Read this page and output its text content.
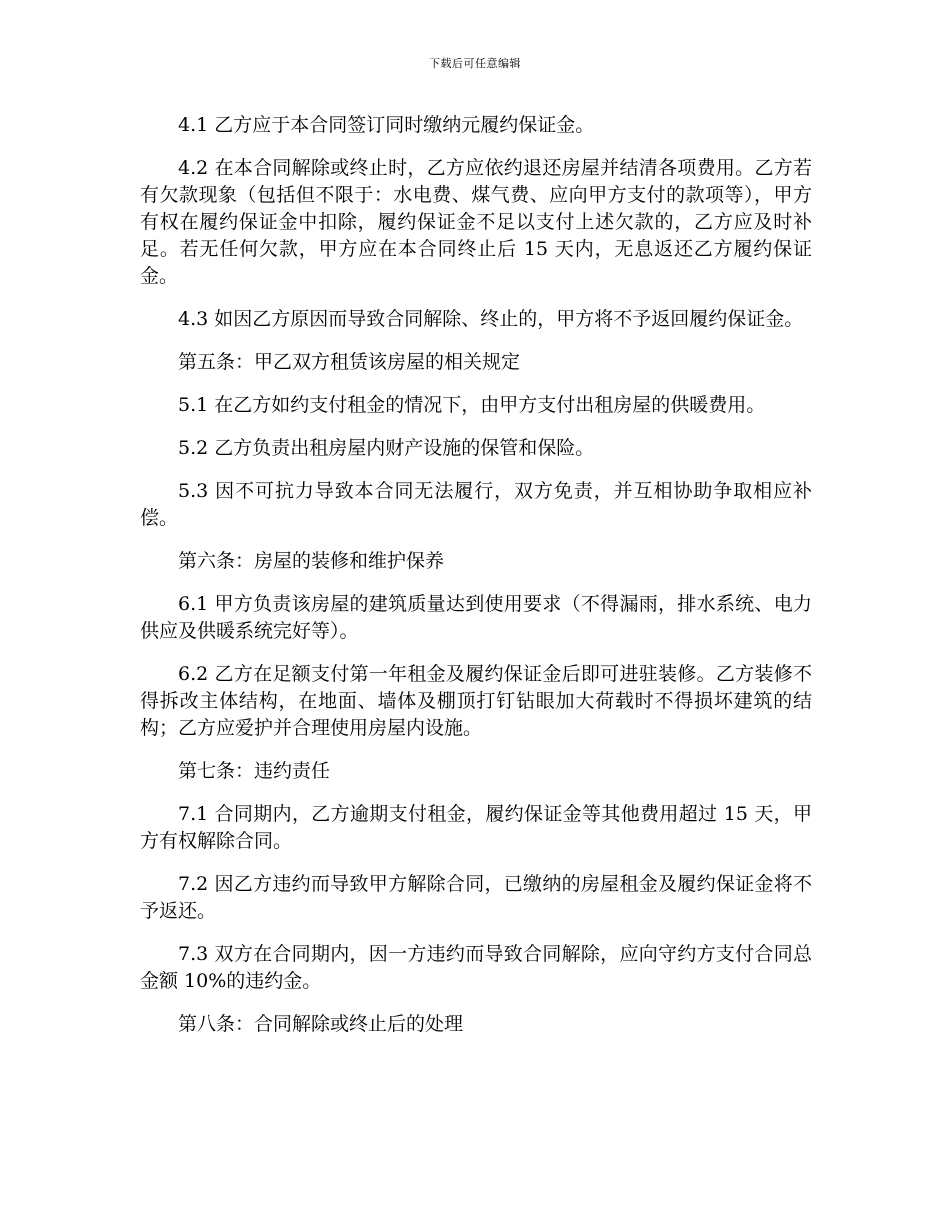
下载后可任意编辑

4.1 乙方应于本合同签订同时缴纳元履约保证金。

4.2 在本合同解除或终止时，乙方应依约退还房屋并结清各项费用。乙方若有欠款现象（包括但不限于：水电费、煤气费、应向甲方支付的款项等），甲方有权在履约保证金中扣除，履约保证金不足以支付上述欠款的，乙方应及时补足。若无任何欠款，甲方应在本合同终止后 15 天内，无息返还乙方履约保证金。

4.3 如因乙方原因而导致合同解除、终止的，甲方将不予返回履约保证金。

第五条：甲乙双方租赁该房屋的相关规定

5.1 在乙方如约支付租金的情况下，由甲方支付出租房屋的供暖费用。

5.2 乙方负责出租房屋内财产设施的保管和保险。

5.3 因不可抗力导致本合同无法履行，双方免责，并互相协助争取相应补偿。

第六条：房屋的装修和维护保养

6.1 甲方负责该房屋的建筑质量达到使用要求（不得漏雨，排水系统、电力供应及供暖系统完好等）。

6.2 乙方在足额支付第一年租金及履约保证金后即可进驻装修。乙方装修不得拆改主体结构，在地面、墙体及棚顶打钉钻眼加大荷载时不得损坏建筑的结构；乙方应爱护并合理使用房屋内设施。

第七条：违约责任

7.1 合同期内，乙方逾期支付租金，履约保证金等其他费用超过 15 天，甲方有权解除合同。

7.2 因乙方违约而导致甲方解除合同，已缴纳的房屋租金及履约保证金将不予返还。

7.3 双方在合同期内，因一方违约而导致合同解除，应向守约方支付合同总金额 10%的违约金。

第八条：合同解除或终止后的处理
